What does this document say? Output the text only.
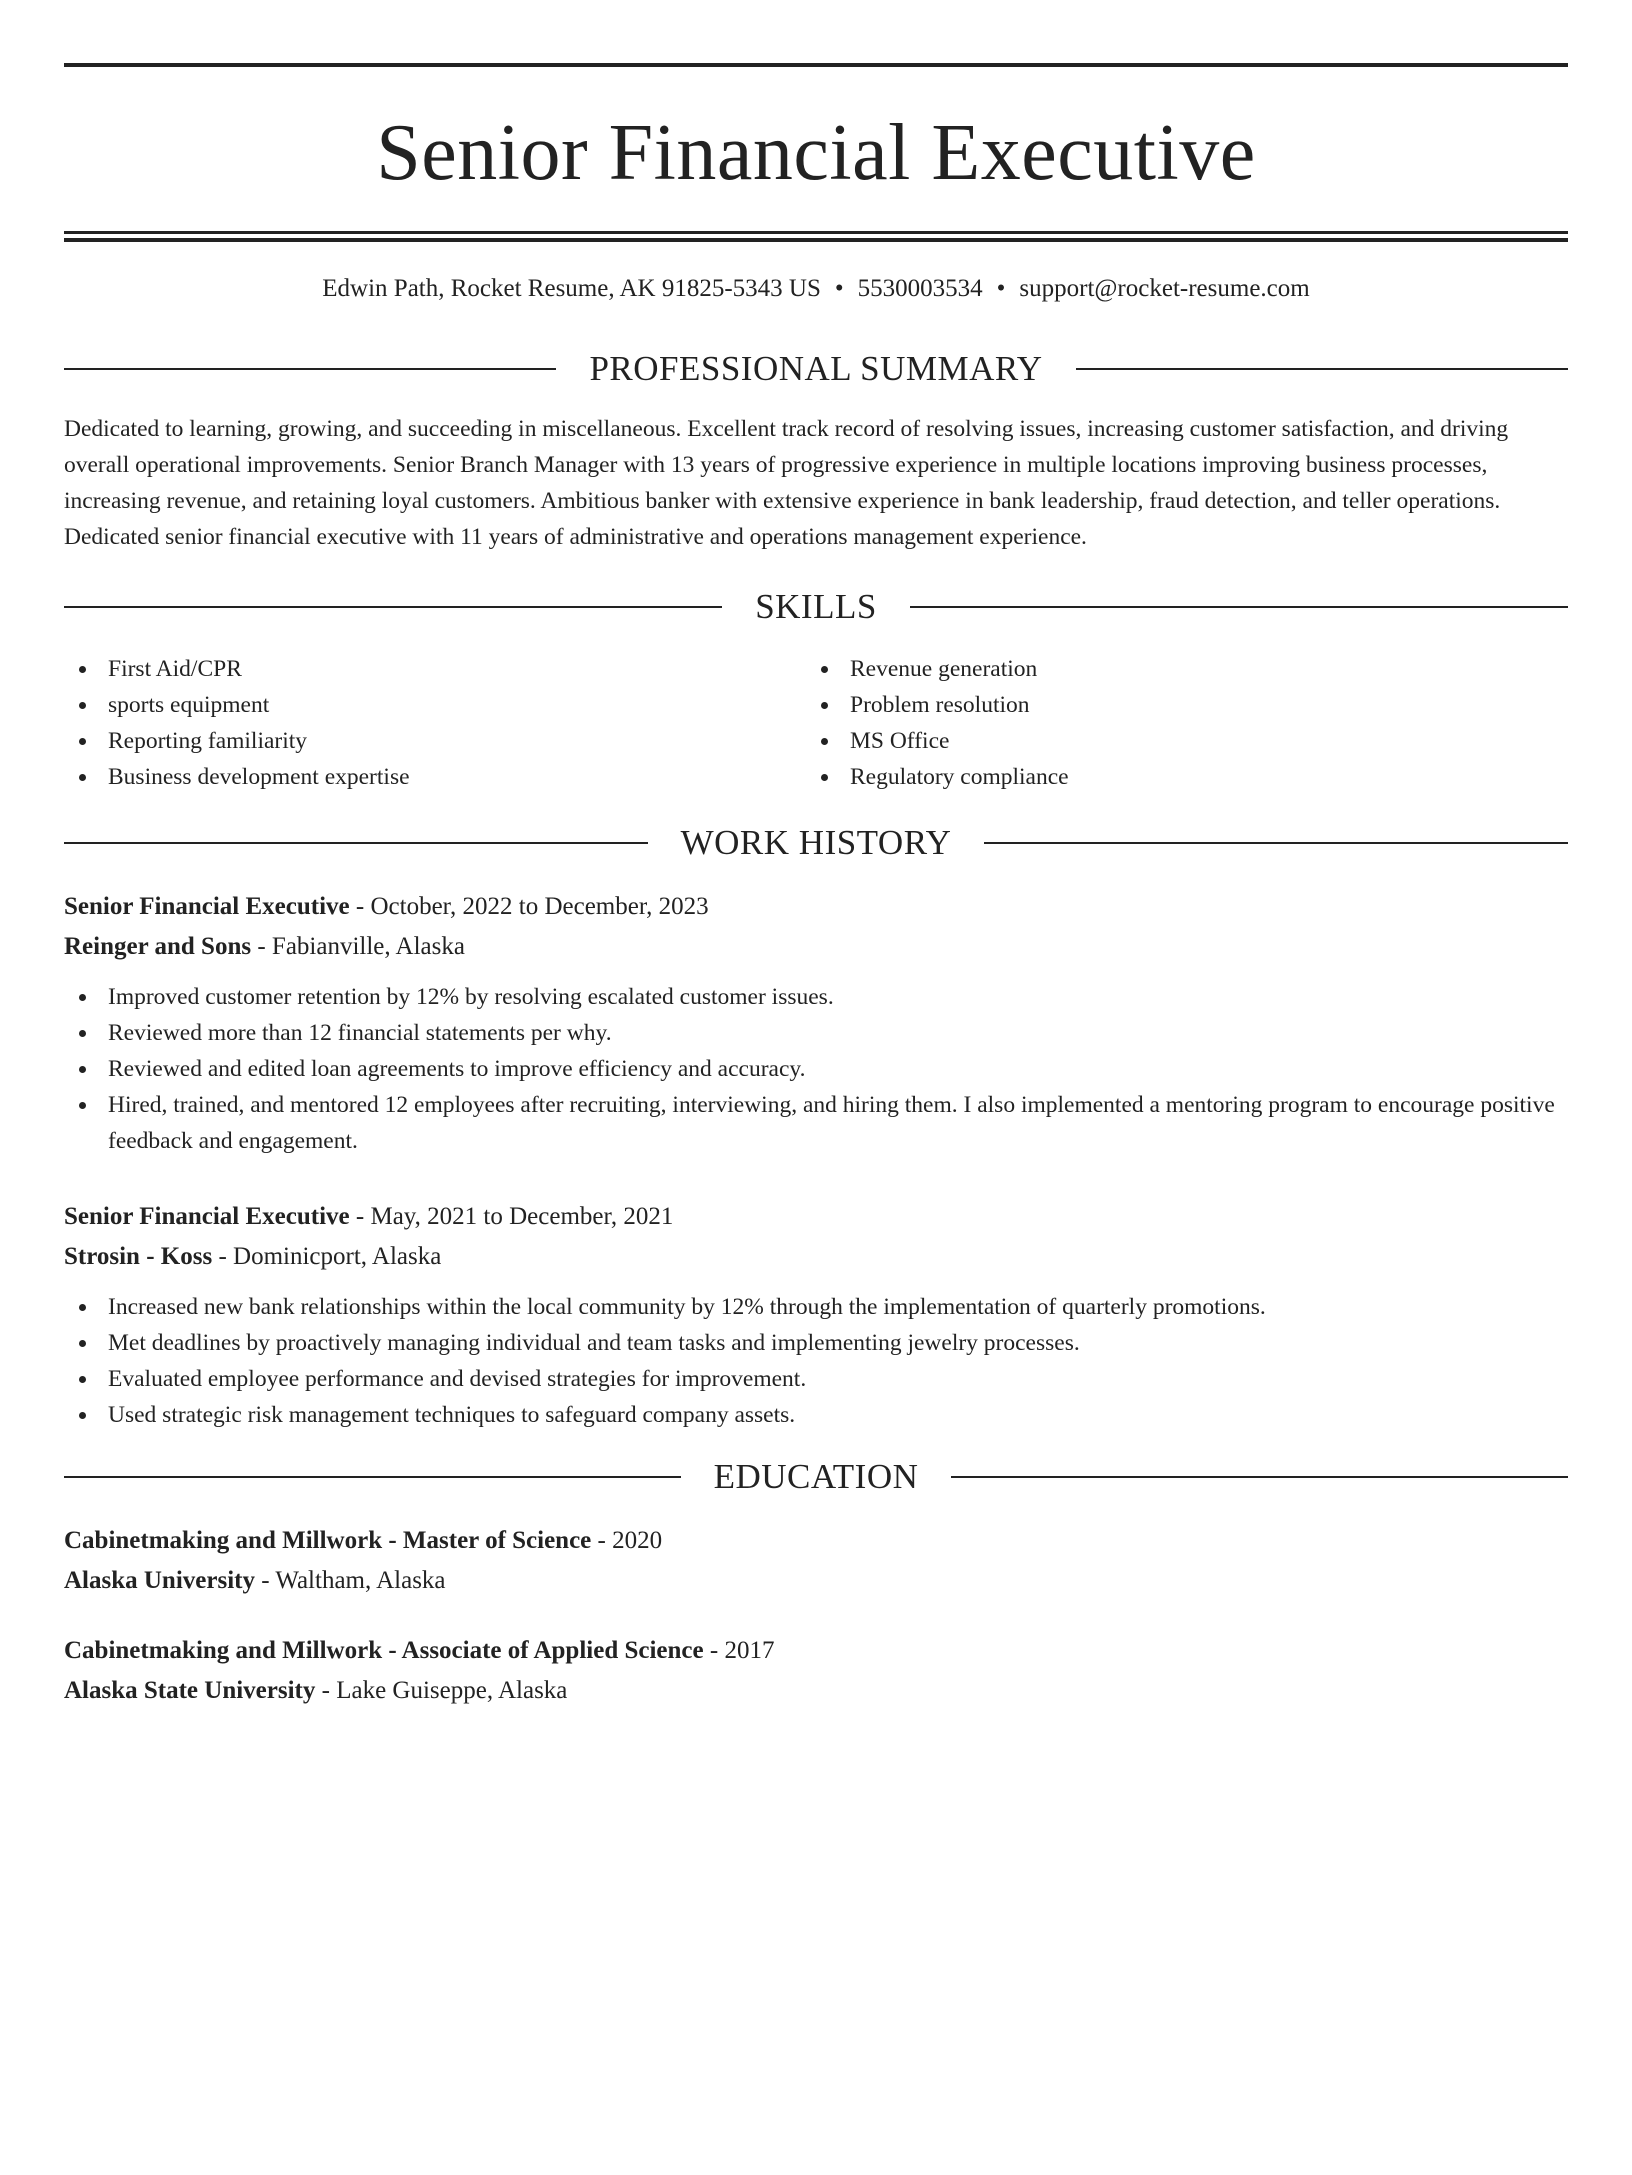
Senior Financial Executive
Edwin Path, Rocket Resume, AK 91825-5343 US • 5530003534 • support@rocket-resume.com
PROFESSIONAL SUMMARY
Dedicated to learning, growing, and succeeding in miscellaneous. Excellent track record of resolving issues, increasing customer satisfaction, and driving overall operational improvements. Senior Branch Manager with 13 years of progressive experience in multiple locations improving business processes, increasing revenue, and retaining loyal customers. Ambitious banker with extensive experience in bank leadership, fraud detection, and teller operations. Dedicated senior financial executive with 11 years of administrative and operations management experience.
SKILLS
First Aid/CPR
sports equipment
Reporting familiarity
Business development expertise
Revenue generation
Problem resolution
MS Office
Regulatory compliance
WORK HISTORY
Senior Financial Executive - October, 2022 to December, 2023
Reinger and Sons - Fabianville, Alaska
Improved customer retention by 12% by resolving escalated customer issues.
Reviewed more than 12 financial statements per why.
Reviewed and edited loan agreements to improve efficiency and accuracy.
Hired, trained, and mentored 12 employees after recruiting, interviewing, and hiring them. I also implemented a mentoring program to encourage positive feedback and engagement.
Senior Financial Executive - May, 2021 to December, 2021
Strosin - Koss - Dominicport, Alaska
Increased new bank relationships within the local community by 12% through the implementation of quarterly promotions.
Met deadlines by proactively managing individual and team tasks and implementing jewelry processes.
Evaluated employee performance and devised strategies for improvement.
Used strategic risk management techniques to safeguard company assets.
EDUCATION
Cabinetmaking and Millwork - Master of Science - 2020
Alaska University - Waltham, Alaska
Cabinetmaking and Millwork - Associate of Applied Science - 2017
Alaska State University - Lake Guiseppe, Alaska
